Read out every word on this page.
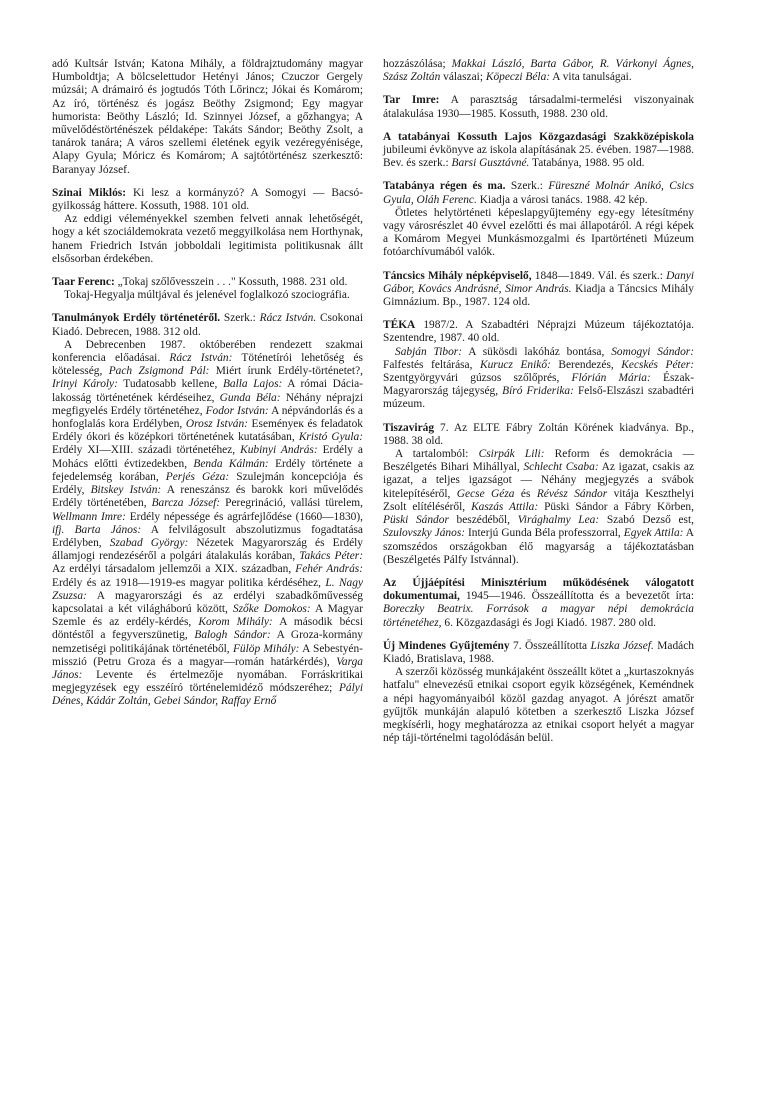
adó Kultsár István; Katona Mihály, a földrajztudomány magyar Humboldtja; A bölcselettudor Hetényi János; Czuczor Gergely múzsái; A drámairó és jogtudós Tóth Lőrincz; Jókai és Komárom; Az író, történész és jogász Beöthy Zsigmond; Egy magyar humorista: Beöthy László; Id. Szinnyei József, a gőzhangya; A művelődéstörténészek példaképe: Takáts Sándor; Beöthy Zsolt, a tanárok tanára; A város szellemi életének egyik vezéregyénisége, Alapy Gyula; Móricz és Komárom; A sajtótörténész szerkesztő: Baranyay József.

Szinai Miklós: Ki lesz a kormányzó? A Somogyi — Bacsó-gyilkosság háttere. Kossuth, 1988. 101 old.

Az eddigi véleményekkel szemben felveti annak lehetőségét, hogy a két szociáldemokrata vezető meggyilkolása nem Horthynak, hanem Friedrich István jobboldali legitimista politikusnak állt elsősorban érdekében.

Taar Ferenc: „Tokaj szőlővesszein . . ." Kossuth, 1988. 231 old.

Tokaj-Hegyalja múltjával és jelenével foglalkozó szociográfia.

Tanulmányok Erdély történetéről. Szerk.: Rácz István. Csokonai Kiadó. Debrecen, 1988. 312 old.

A Debrecenben 1987. októberében rendezett szakmai konferencia előadásai. Rácz István: Töténetírói lehetőség és kötelesség, Pach Zsigmond Pál: Miért írunk Erdély-történetet?, Irinyi Károly: Tudatosabb kellene, Balla Lajos: A római Dácia-lakosság történetének kérdéseihez, Gunda Béla: Néhány néprajzi megfigyelés Erdély történetéhez, Fodor István: A népvándorlás és a honfoglalás kora Erdélyben, Orosz István: Eseményeк és feladatok Erdély ókori és középkori történetének kutatásában, Kristó Gyula: Erdély XI—XIII. századi történetéhez, Kubinyi András: Erdély a Mohács előtti évtizedekben, Benda Kálmán: Erdély története a fejedelemség korában, Perjés Géza: Szulejmán koncepciója és Erdély, Bitskey István: A reneszánsz és barokk kori művelődés Erdély történetében, Barcza József: Peregrináció, vallási türelem, Wellmann Imre: Erdély népessége és agrárfejlődése (1660—1830), ifj. Barta János: A felvilágosult abszolutizmus fogadtatása Erdélyben, Szabad György: Nézetek Magyarország és Erdély államjogi rendezéséről a polgári átalakulás korában, Takács Péter: Az erdélyi társadalom jellemzői a XIX. században, Fehér András: Erdély és az 1918—1919-es magyar politika kérdéséhez, L. Nagy Zsuzsa: A magyarországi és az erdélyi szabadkőművesség kapcsolatai a két világháború között, Szőke Domokos: A Magyar Szemle és az erdély-kérdés, Korom Mihály: A második bécsi döntéstől a fegyverszünetig, Balogh Sándor: A Groza-kormány nemzetiségi politikájának történetéből, Fülöp Mihály: A Sebestyén-misszió (Petru Groza és a magyar—román határkérdés), Varga János: Levente és értelmezője nyomában. Forráskritikai megjegyzések egy esszéíró történelemidéző módszeréhez; Pályi Dénes, Kádár Zoltán, Gebei Sándor, Raffay Ernő

hozzászólása; Makkai László, Barta Gábor, R. Várkonyi Ágnes, Szász Zoltán válaszai; Köpeczi Béla: A vita tanulságai.

Tar Imre: A parasztság társadalmi-termelési viszonyainak átalakulása 1930—1985. Kossuth, 1988. 230 old.

A tatabányai Kossuth Lajos Közgazdasági Szakközépiskola jubileumi évkönyve az iskola alapításának 25. évében. 1987—1988. Bev. és szerk.: Barsi Gusztávné. Tatabánya, 1988. 95 old.

Tatabánya régen és ma. Szerk.: Füreszné Molnár Anikó, Csics Gyula, Oláh Ferenc. Kiadja a városi tanács. 1988. 42 kép.

Ötletes helytörténeti képeslapgyűjtemény egy-egy létesítmény vagy városrészlet 40 évvel ezelőtti és mai állapotáról. A régi képek a Komárom Megyei Munkásmozgalmi és Ipartörténeti Múzeum fotóarchívumából valók.

Táncsics Mihály népképviselő, 1848—1849. Vál. és szerk.: Danyi Gábor, Kovács Andrásné, Simor András. Kiadja a Táncsics Mihály Gimnázium. Bp., 1987. 124 old.

TÉKA 1987/2. A Szabadtéri Néprajzi Múzeum tájékoztatója. Szentendre, 1987. 40 old.

Sabján Tibor: A sükösdi lakóház bontása, Somogyi Sándor: Falfestés feltárása, Kurucz Enikő: Berendezés, Kecskés Péter: Szentgyörgyvári gúzsos szőlőprés, Flórián Mária: Észak-Magyarország tájegység, Bíró Friderika: Felső-Elszászi szabadtéri múzeum.

Tiszavirág 7. Az ELTE Fábry Zoltán Körének kiadványa. Bp., 1988. 38 old.

A tartalomból: Csirpák Lili: Reform és demokrácia — Beszélgetés Bihari Mihállyal, Schlecht Csaba: Az igazat, csakis az igazat, a teljes igazságot — Néhány megjegyzés a svábok kitelepítéséről, Gecse Géza és Révész Sándor vitája Keszthelyi Zsolt elítéléséről, Kaszás Attila: Püski Sándor a Fábry Körben, Püski Sándor beszédéből, Virághalmy Lea: Szabó Dezső est, Szulovszky János: Interjú Gunda Béla professzorral, Egyek Attila: A szomszédos országokban élő magyarság a tájékoztatásban (Beszélgetés Pálfy Istvánnal).

Az Újjáépítési Minisztérium működésének válogatott dokumentumai, 1945—1946. Összeállította és a bevezetőt írta: Boreczky Beatrix. Források a magyar népi demokrácia történetéhez, 6. Közgazdasági és Jogi Kiadó. 1987. 280 old.

Új Mindenes Gyűjtemény 7. Összeállította Liszka József. Madách Kiadó, Bratislava, 1988.

A szerzői közösség munkájaként összeállt kötet a „kurtaszoknyás hatfalu" elnevezésű etnikai csoport egyik községének, Keméndnek a népi hagyományaiból közöl gazdag anyagot. A jórészt amatőr gyűjtők munkáján alapuló kötetben a szerkesztő Liszka József megkísérli, hogy meghatározza az etnikai csoport helyét a magyar nép táji-történelmi tagolódásán belül.
